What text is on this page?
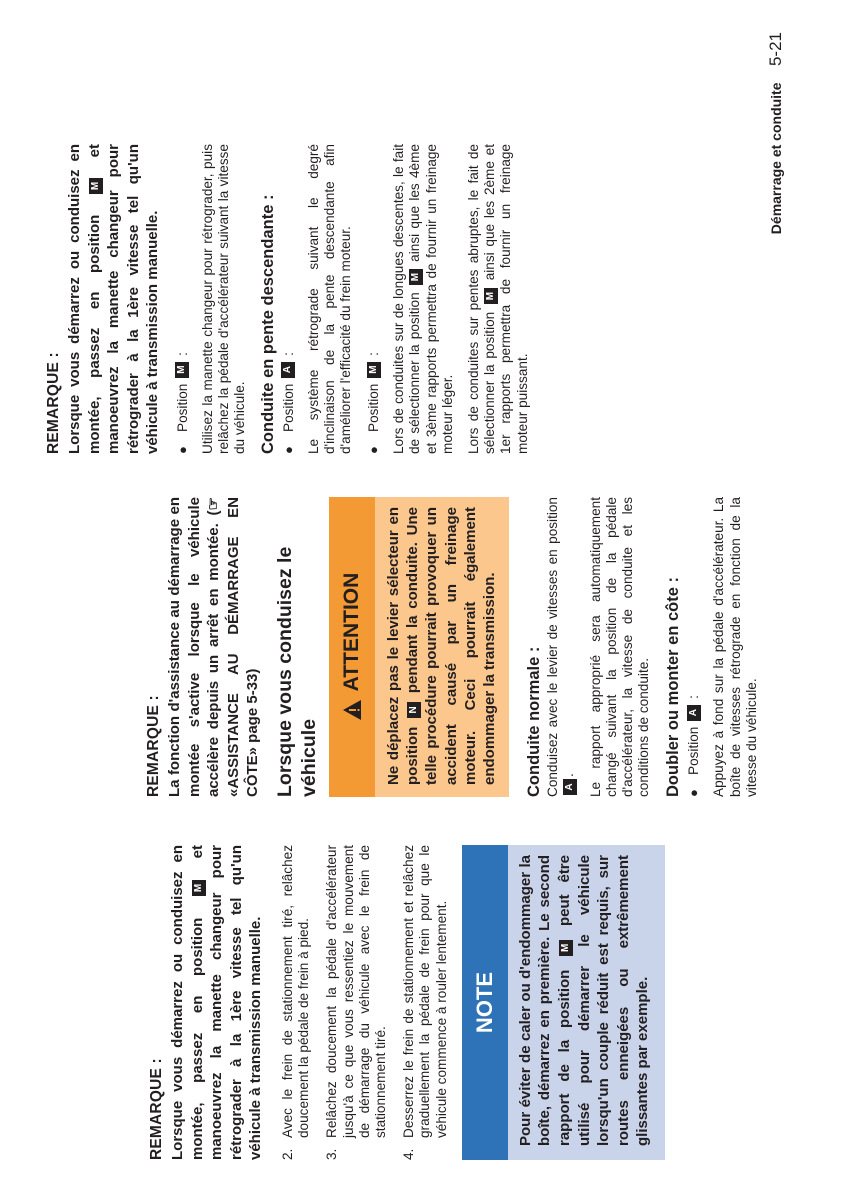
REMARQUE : Lorsque vous démarrez ou conduisez en montée, passez en position M et manoeuvrez la manette changeur pour rétrograder à la 1ère vitesse tel qu'un véhicule à transmission manuelle. 2.
Avec le frein de stationnement tiré, relâchez doucement la pédale de frein à pied.
3.
Relâchez doucement la pédale d'accélérateur jusqu'à ce que vous ressentiez le mouvement de démarrage du véhicule avec le frein de stationnement tiré.
4.
Desserrez le frein de stationnement et relâchez graduellement la pédale de frein pour que le véhicule commence à rouler lentement.	NOTE	Pour éviter de caler ou d'endommager la boîte, démarrez en première. Le second rapport de la position M peut être utilisé pour démarrer le véhicule lorsqu'un couple réduit est requis, sur routes enneigées ou extrêmement glissantes par exemple.

REMARQUE : La fonction d'assistance au démarrage en montée s'active lorsque le véhicule accélère depuis un arrêt en montée. (☞ «ASSISTANCE AU DÉMARRAGE EN CÔTE» page 5-33) Lorsque vous conduisez le véhicule
ATTENTION	Ne déplacez pas le levier sélecteur en position N pendant la conduite. Une telle procédure pourrait provoquer un accident causé par un freinage moteur. Ceci pourrait également endommager la transmission.	Conduite normale : Conduisez avec le levier de vitesses en position A. Le rapport approprié sera automatiquement changé suivant la position de la pédale d'accélérateur, la vitesse de conduite et les conditions de conduite. Doubler ou monter en côte : ●
Position
A
: Appuyez à fond sur la pédale d'accélérateur. La boîte de vitesses rétrograde en fonction de la vitesse du véhicule.

REMARQUE : Lorsque vous démarrez ou conduisez en montée, passez en position M et manoeuvrez la manette changeur pour rétrograder à la 1ère vitesse tel qu'un véhicule à transmission manuelle. ●
Position
M
: Utilisez la manette changeur pour rétrograder, puis relâchez la pédale d'accélérateur suivant la vitesse du véhicule. Conduite en pente descendante : ●
Position
A
: Le système rétrograde suivant le degré d'inclinaison de la pente descendante afin d'améliorer l'efficacité du frein moteur. ●
Position
M
: Lors de conduites sur de longues descentes, le fait de sélectionner la position M ainsi que les 4ème et 3ème rapports permettra de fournir un freinage moteur léger. Lors de conduites sur pentes abruptes, le fait de sélectionner la position M ainsi que les 2ème et 1er rapports permettra de fournir un freinage moteur puissant.

Démarrage et conduite 5-21
